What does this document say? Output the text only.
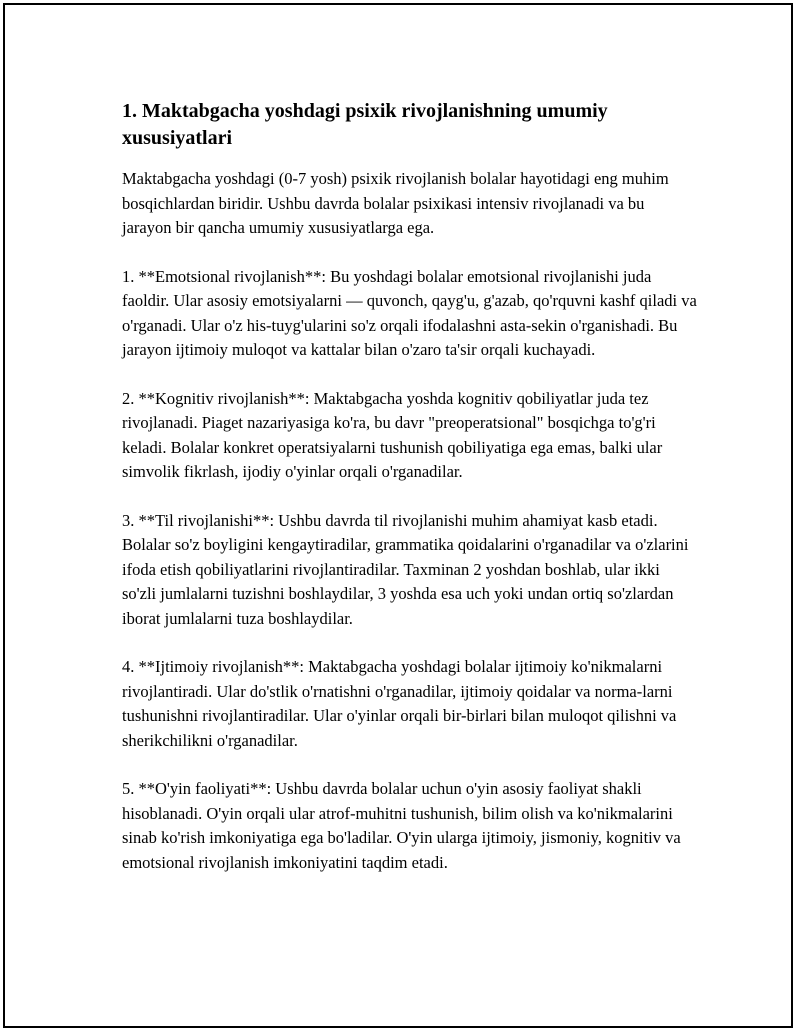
1. Maktabgacha yoshdagi psixik rivojlanishning umumiy xususiyatlari

Maktabgacha yoshdagi (0-7 yosh) psixik rivojlanish bolalar hayotidagi eng muhim bosqichlardan biridir. Ushbu davrda bolalar psixikasi intensiv rivojlanadi va bu jarayon bir qancha umumiy xususiyatlarga ega.

1. **Emotsional rivojlanish**: Bu yoshdagi bolalar emotsional rivojlanishi juda faoldir. Ular asosiy emotsiyalarni — quvonch, qayg'u, g'azab, qo'rquvni kashf qiladi va o'rganadi. Ular o'z his-tuyg'ularini so'z orqali ifodalashni asta-sekin o'rganishadi. Bu jarayon ijtimoiy muloqot va kattalar bilan o'zaro ta'sir orqali kuchayadi.

2. **Kognitiv rivojlanish**: Maktabgacha yoshda kognitiv qobiliyatlar juda tez rivojlanadi. Piaget nazariyasiga ko'ra, bu davr "preoperatsional" bosqichga to'g'ri keladi. Bolalar konkret operatsiyalarni tushunish qobiliyatiga ega emas, balki ular simvolik fikrlash, ijodiy o'yinlar orqali o'rganadilar.

3. **Til rivojlanishi**: Ushbu davrda til rivojlanishi muhim ahamiyat kasb etadi. Bolalar so'z boyligini kengaytiradilar, grammatika qoidalarini o'rganadilar va o'zlarini ifoda etish qobiliyatlarini rivojlantiradilar. Taxminan 2 yoshdan boshlab, ular ikki so'zli jumlalarni tuzishni boshlaydilar, 3 yoshda esa uch yoki undan ortiq so'zlardan iborat jumlalarni tuza boshlaydilar.

4. **Ijtimoiy rivojlanish**: Maktabgacha yoshdagi bolalar ijtimoiy ko'nikmalarni rivojlantiradi. Ular do'stlik o'rnatishni o'rganadilar, ijtimoiy qoidalar va norma-larni tushunishni rivojlantiradilar. Ular o'yinlar orqali bir-birlari bilan muloqot qilishni va sherikchilikni o'rganadilar.

5. **O'yin faoliyati**: Ushbu davrda bolalar uchun o'yin asosiy faoliyat shakli hisoblanadi. O'yin orqali ular atrof-muhitni tushunish, bilim olish va ko'nikmalarini sinab ko'rish imkoniyatiga ega bo'ladilar. O'yin ularga ijtimoiy, jismoniy, kognitiv va emotsional rivojlanish imkoniyatini taqdim etadi.
